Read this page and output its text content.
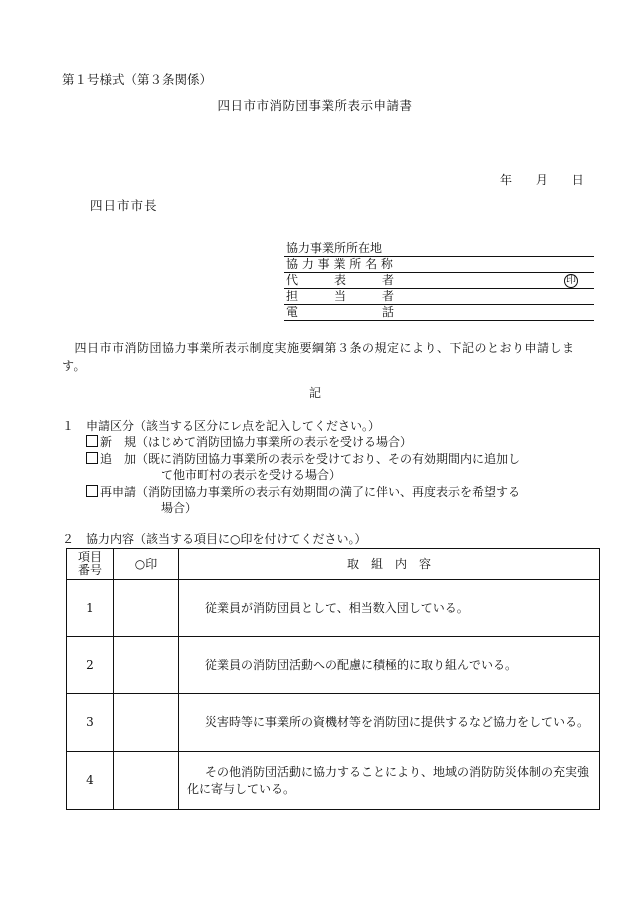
第１号様式（第３条関係）
四日市市消防団事業所表示申請書
年 月 日
四日市市長
協力事業所所在地
協 力 事 業 所 名 称
代　　　表　　　者	印
担　　　当　　　者
電　　　　　　　話
　四日市市消防団協力事業所表示制度実施要綱第３条の規定により、下記のとおり申請します。
記
１　申請区分（該当する区分にレ点を記入してください。）
新　規（はじめて消防団協力事業所の表示を受ける場合）
追　加（既に消防団協力事業所の表示を受けており、その有効期間内に追加し
て他市町村の表示を受ける場合）
再申請（消防団協力事業所の表示有効期間の満了に伴い、再度表示を希望する
場合）
２　協力内容（該当する項目に○印を付けてください。）
項目
番号	○印	取　組　内　容
1		従業員が消防団員として、相当数入団している。
2		従業員の消防団活動への配慮に積極的に取り組んでいる。
3		災害時等に事業所の資機材等を消防団に提供するなど協力をしている。
4		その他消防団活動に協力することにより、地域の消防防災体制の充実強化に寄与している。
